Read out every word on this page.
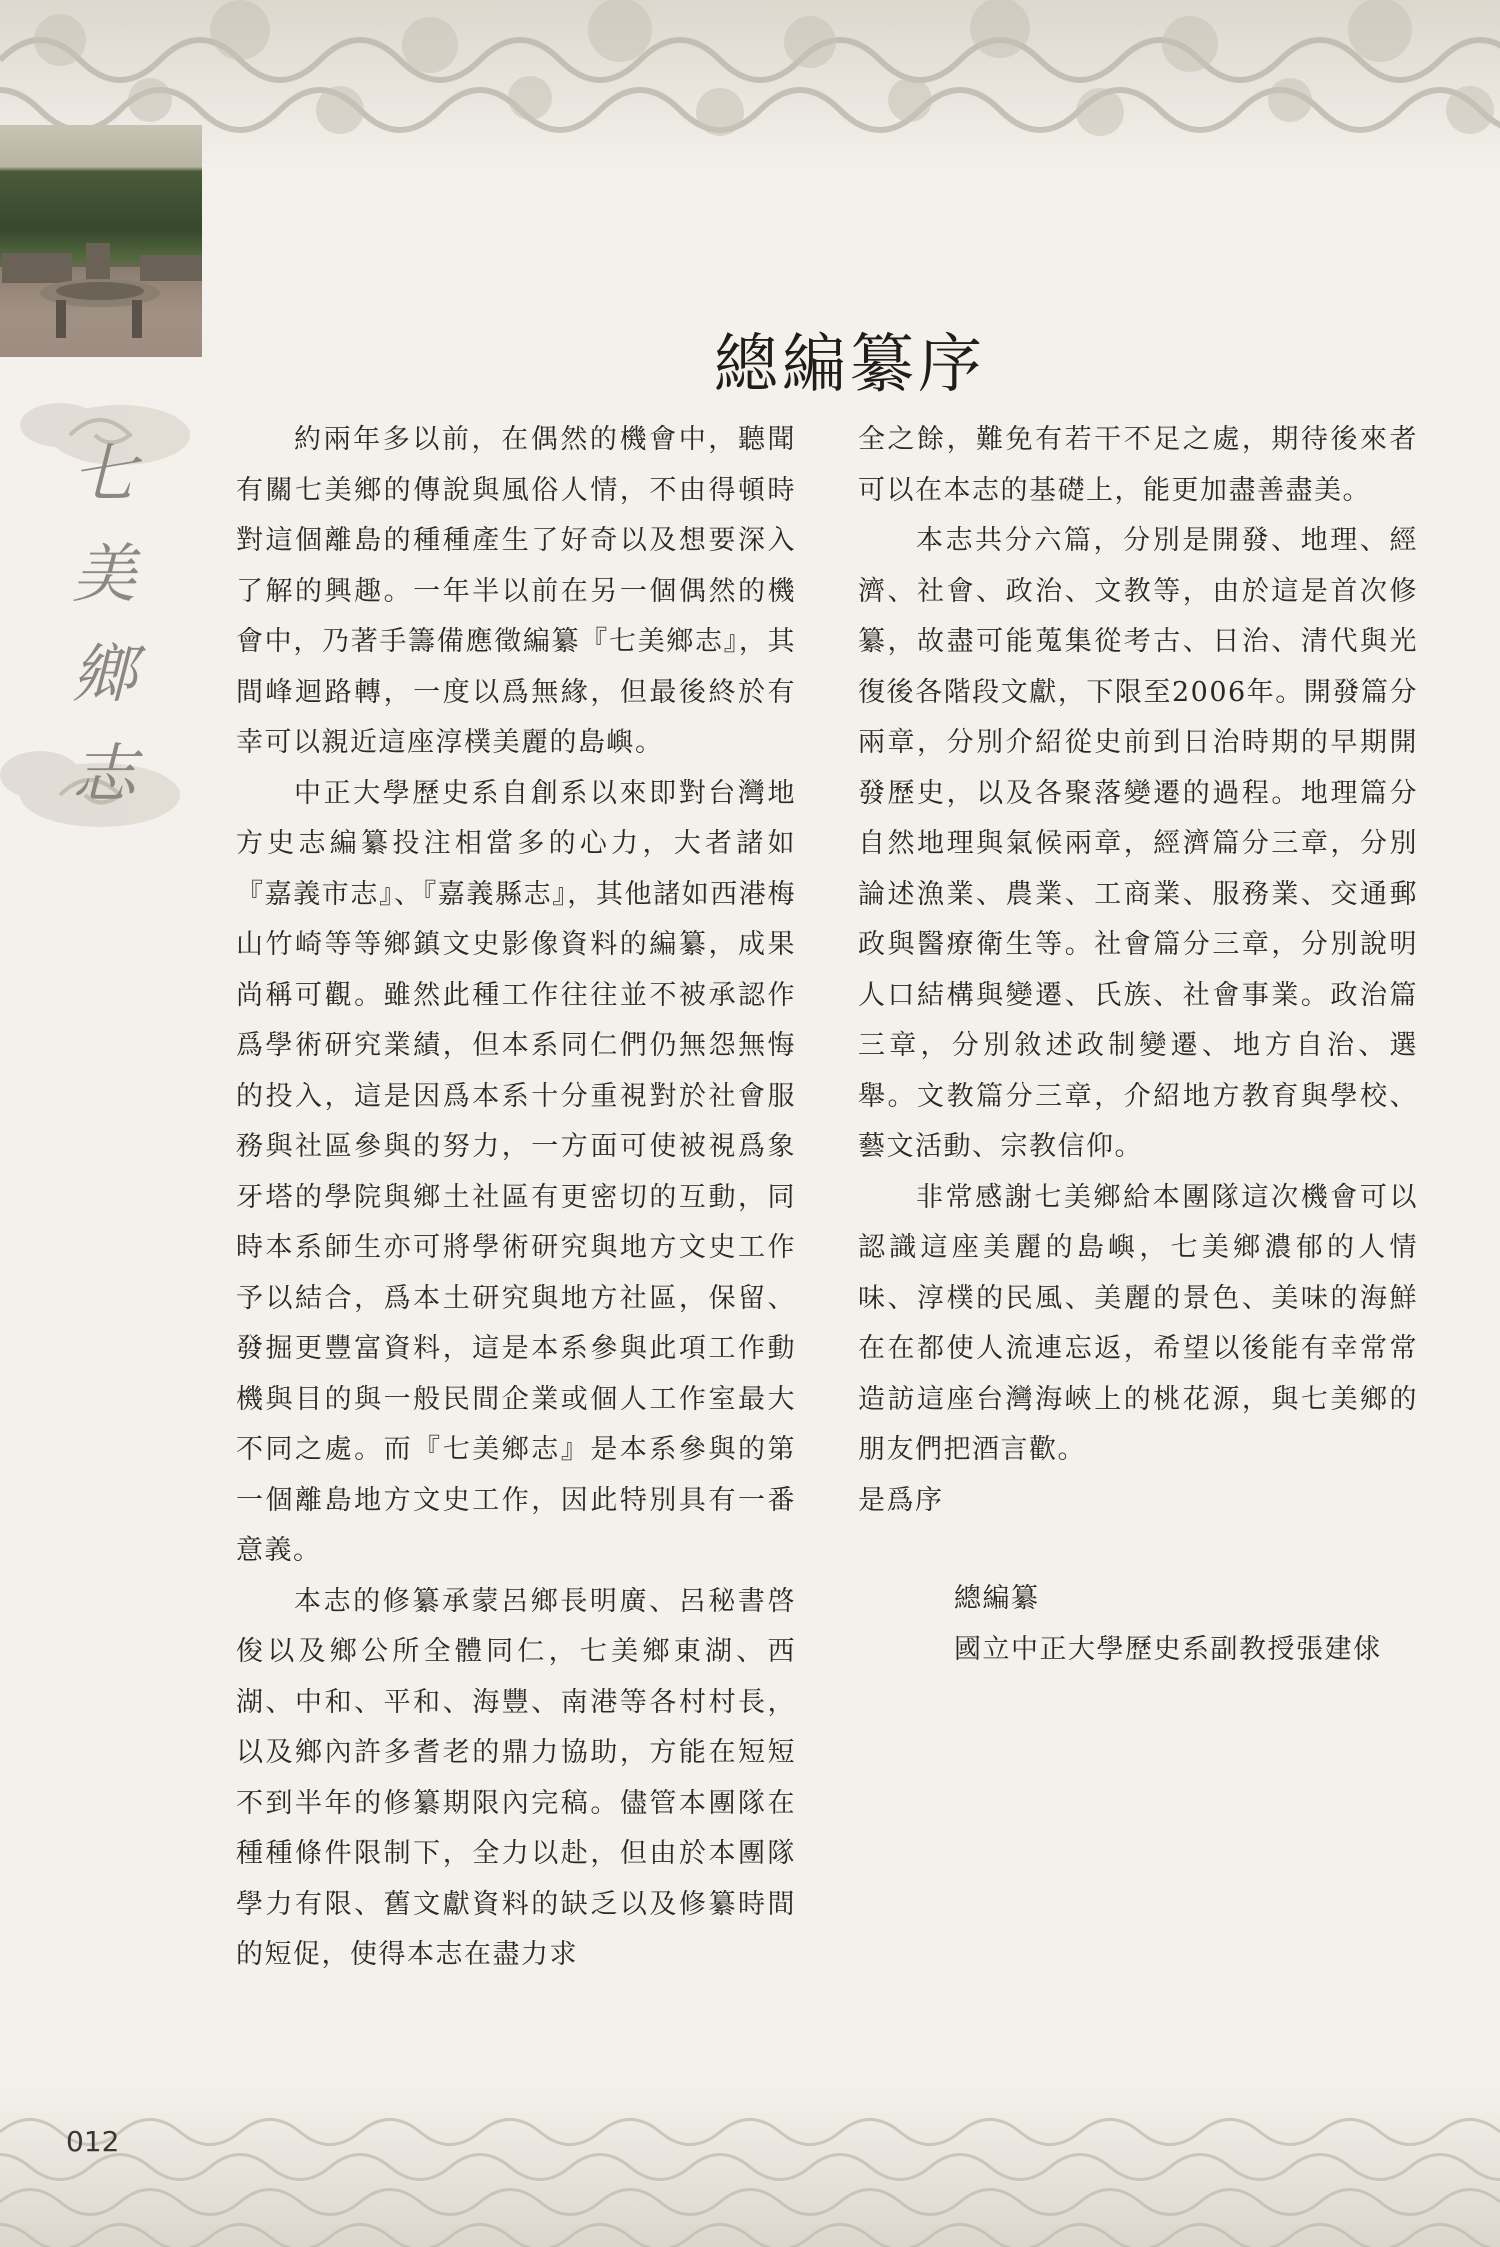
七
美
鄉
志
總編纂序

約兩年多以前，在偶然的機會中，聽聞有關七美鄉的傳說與風俗人情，不由得頓時對這個離島的種種產生了好奇以及想要深入了解的興趣。一年半以前在另一個偶然的機會中，乃著手籌備應徵編纂『七美鄉志』，其間峰迴路轉，一度以爲無緣，但最後終於有幸可以親近這座淳樸美麗的島嶼。

中正大學歷史系自創系以來即對台灣地方史志編纂投注相當多的心力，大者諸如『嘉義市志』、『嘉義縣志』，其他諸如西港梅山竹崎等等鄉鎮文史影像資料的編纂，成果尚稱可觀。雖然此種工作往往並不被承認作爲學術研究業績，但本系同仁們仍無怨無悔的投入，這是因爲本系十分重視對於社會服務與社區參與的努力，一方面可使被視爲象牙塔的學院與鄉土社區有更密切的互動，同時本系師生亦可將學術研究與地方文史工作予以結合，爲本土研究與地方社區，保留、發掘更豐富資料，這是本系參與此項工作動機與目的與一般民間企業或個人工作室最大不同之處。而『七美鄉志』是本系參與的第一個離島地方文史工作，因此特別具有一番意義。

本志的修纂承蒙呂鄉長明廣、呂秘書啓俊以及鄉公所全體同仁，七美鄉東湖、西湖、中和、平和、海豐、南港等各村村長，以及鄉內許多耆老的鼎力協助，方能在短短不到半年的修纂期限內完稿。儘管本團隊在種種條件限制下，全力以赴，但由於本團隊學力有限、舊文獻資料的缺乏以及修纂時間的短促，使得本志在盡力求

全之餘，難免有若干不足之處，期待後來者可以在本志的基礎上，能更加盡善盡美。

本志共分六篇，分別是開發、地理、經濟、社會、政治、文教等，由於這是首次修纂，故盡可能蒐集從考古、日治、清代與光復後各階段文獻，下限至2006年。開發篇分兩章，分別介紹從史前到日治時期的早期開發歷史，以及各聚落變遷的過程。地理篇分自然地理與氣候兩章，經濟篇分三章，分別論述漁業、農業、工商業、服務業、交通郵政與醫療衛生等。社會篇分三章，分別說明人口結構與變遷、氏族、社會事業。政治篇三章，分別敘述政制變遷、地方自治、選舉。文教篇分三章，介紹地方教育與學校、藝文活動、宗教信仰。

非常感謝七美鄉給本團隊這次機會可以認識這座美麗的島嶼，七美鄉濃郁的人情味、淳樸的民風、美麗的景色、美味的海鮮在在都使人流連忘返，希望以後能有幸常常造訪這座台灣海峽上的桃花源，與七美鄉的朋友們把酒言歡。

是爲序

總編纂

國立中正大學歷史系副教授張建俅

012
